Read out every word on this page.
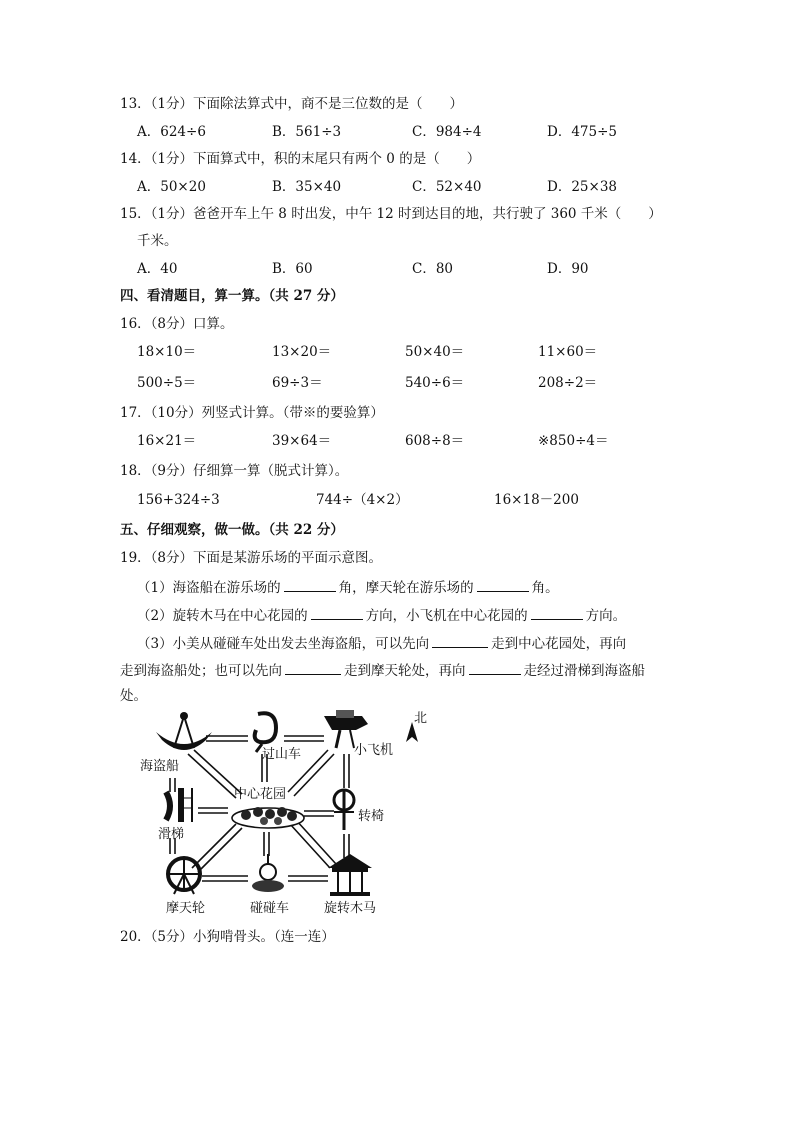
13．（1分）下面除法算式中，商不是三位数的是（　　）
A．624÷6	B．561÷3	C．984÷4	D．475÷5
14．（1分）下面算式中，积的末尾只有两个 0 的是（　　）
A．50×20	B．35×40	C．52×40	D．25×38
15．（1分）爸爸开车上午 8 时出发，中午 12 时到达目的地，共行驶了 360 千米（　　）
千米。
A．40	B．60	C．80	D．90
四、看清题目，算一算。（共 27 分）
16．（8分）口算。
18×10＝	13×20＝	50×40＝	11×60＝
500÷5＝	69÷3＝	540÷6＝	208÷2＝
17．（10分）列竖式计算。（带※的要验算）
16×21＝	39×64＝	608÷8＝	※850÷4＝
18．（9分）仔细算一算（脱式计算）。
156+324÷3	744÷（4×2）	16×18－200
五、仔细观察，做一做。（共 22 分）
19．（8分）下面是某游乐场的平面示意图。
（1）海盗船在游乐场的	角，摩天轮在游乐场的	角。
（2）旋转木马在中心花园的	方向，小飞机在中心花园的	方向。
（3）小美从碰碰车处出发去坐海盗船，可以先向	走到中心花园处，再向
走到海盗船处；也可以先向	走到摩天轮处，再向	走经过滑梯到海盗船
处。
海盗船
过山车	小飞机
北
中心花园
滑梯
转椅
摩天轮	碰碰车	旋转木马
20．（5分）小狗啃骨头。（连一连）
